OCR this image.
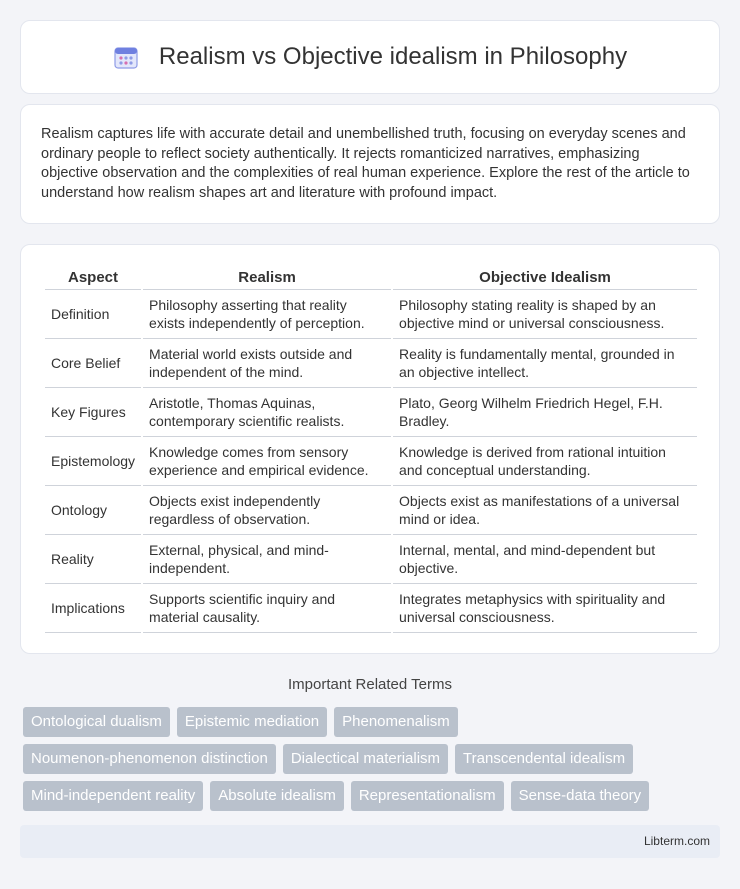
Realism vs Objective idealism in Philosophy

Realism captures life with accurate detail and unembellished truth, focusing on everyday scenes and ordinary people to reflect society authentically. It rejects romanticized narratives, emphasizing objective observation and the complexities of real human experience. Explore the rest of the article to understand how realism shapes art and literature with profound impact.

Aspect	Realism	Objective Idealism
Definition	Philosophy asserting that reality exists independently of perception.	Philosophy stating reality is shaped by an objective mind or universal consciousness.
Core Belief	Material world exists outside and independent of the mind.	Reality is fundamentally mental, grounded in an objective intellect.
Key Figures	Aristotle, Thomas Aquinas, contemporary scientific realists.	Plato, Georg Wilhelm Friedrich Hegel, F.H. Bradley.
Epistemology	Knowledge comes from sensory experience and empirical evidence.	Knowledge is derived from rational intuition and conceptual understanding.
Ontology	Objects exist independently regardless of observation.	Objects exist as manifestations of a universal mind or idea.
Reality	External, physical, and mind-independent.	Internal, mental, and mind-dependent but objective.
Implications	Supports scientific inquiry and material causality.	Integrates metaphysics with spirituality and universal consciousness.
Important Related Terms
Ontological dualism	Epistemic mediation	Phenomenalism
Noumenon-phenomenon distinction	Dialectical materialism	Transcendental idealism
Mind-independent reality	Absolute idealism	Representationalism	Sense-data theory
Libterm.com
